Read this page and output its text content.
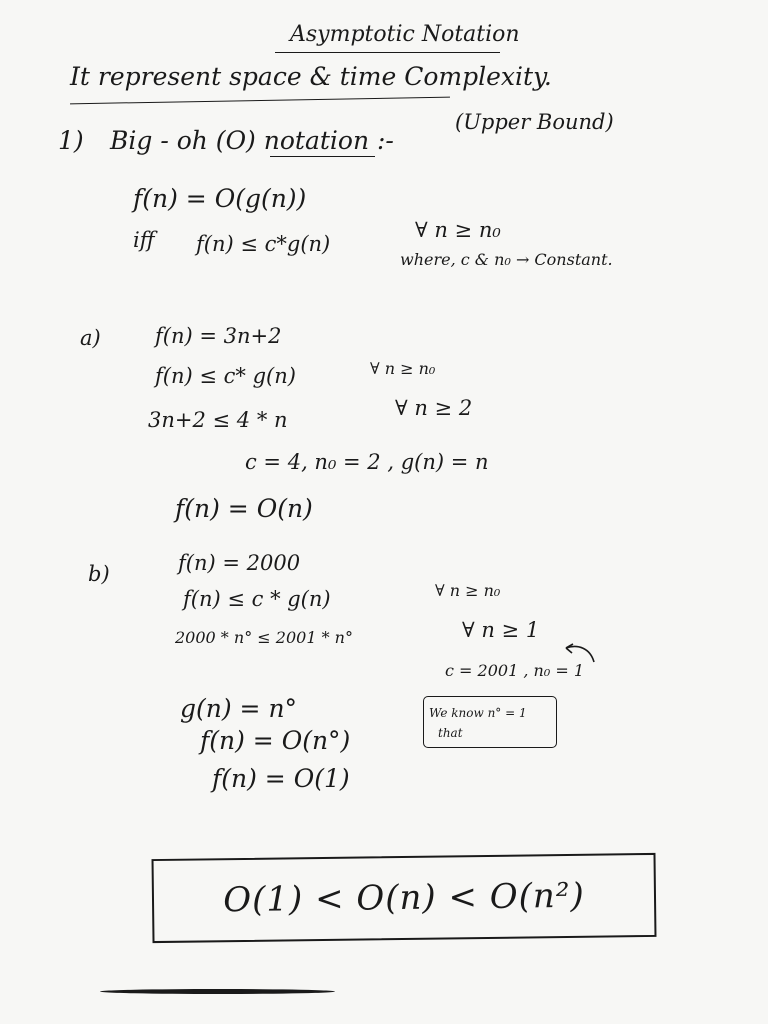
Asymptotic Notation
It represent space & time Complexity.
1) Big - oh (O) notation :-
(Upper Bound)
f(n) = O(g(n))
iff f(n) ≤ c*g(n)
∀ n ≥ n₀
where, c & n₀ → Constant.
a)	f(n) = 3n+2
f(n) ≤ c* g(n)	∀ n ≥ n₀
3n+2 ≤ 4 * n	∀ n ≥ 2
c = 4, n₀ = 2 , g(n) = n
f(n) = O(n)
b)	f(n) = 2000
f(n) ≤ c * g(n)	∀ n ≥ n₀
2000 * n° ≤ 2001 * n°	∀ n ≥ 1
c = 2001 , n₀ = 1
g(n) = n°
f(n) = O(n°)
f(n) = O(1)
We know n° = 1
that
O(1) < O(n) < O(n²)
